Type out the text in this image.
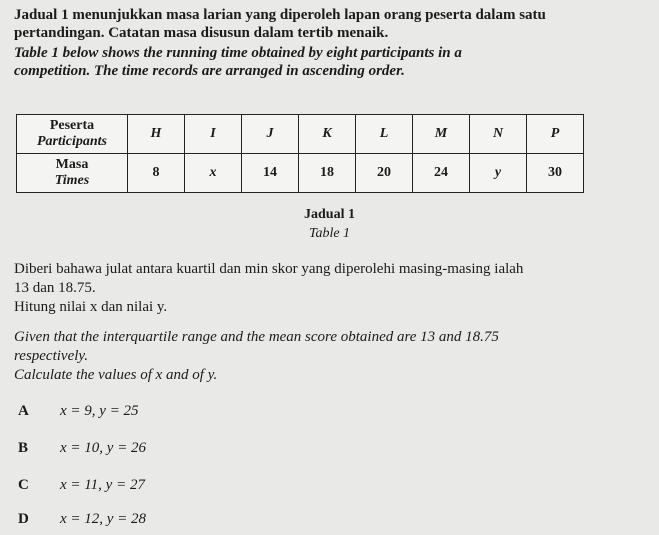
Jadual 1 menunjukkan masa larian yang diperoleh lapan orang peserta dalam satu
pertandingan. Catatan masa disusun dalam tertib menaik.
Table 1 below shows the running time obtained by eight participants in a
competition. The time records are arranged in ascending order.
Peserta
Participants	H	I	J	K	L	M	N	P

Masa
Times	8	x	14	18	20	24	y	30
Jadual 1
Table 1
Diberi bahawa julat antara kuartil dan min skor yang diperolehi masing-masing ialah
13 dan 18.75.
Hitung nilai x dan nilai y.
Given that the interquartile range and the mean score obtained are 13 and 18.75
respectively.
Calculate the values of x and of y.
A	x = 9, y = 25
B	x = 10, y = 26
C	x = 11, y = 27
D	x = 12, y = 28
